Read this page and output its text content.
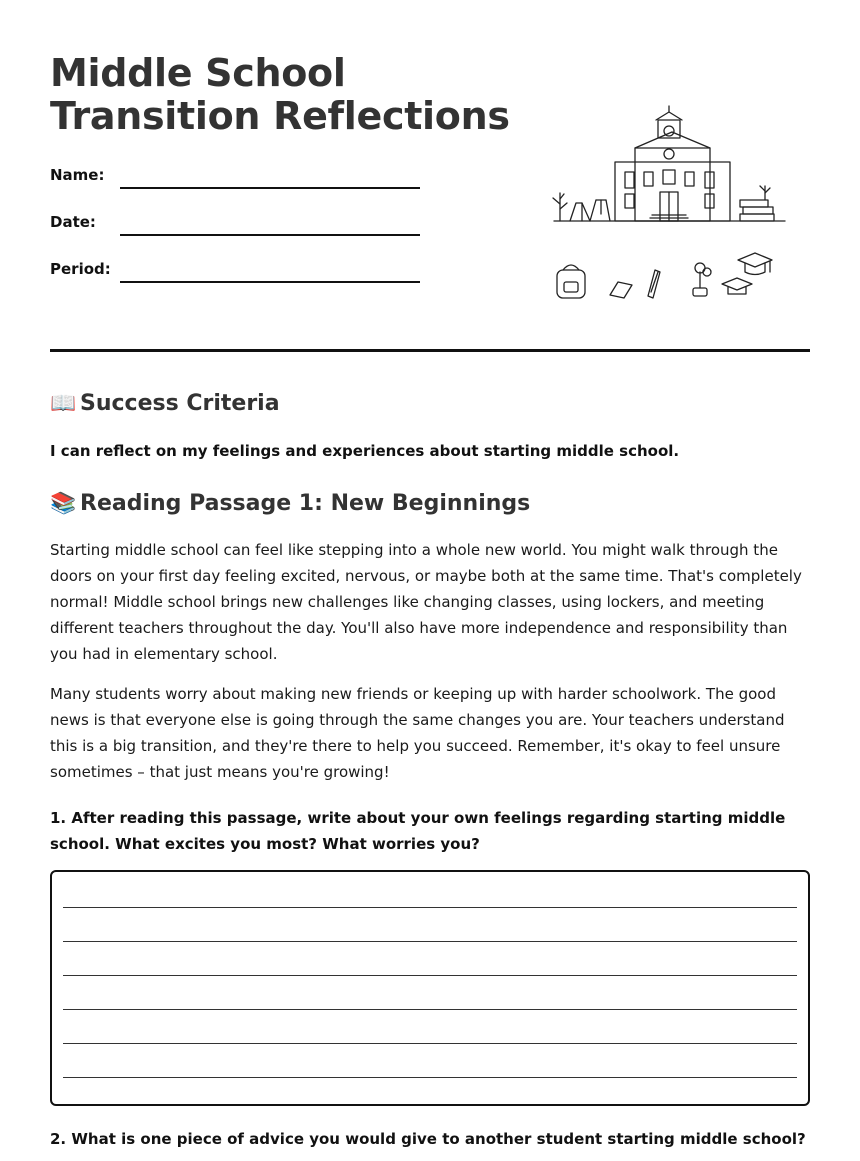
Middle School
Transition Reflections
Name:
Date:
Period:
📖 Success Criteria
I can reflect on my feelings and experiences about starting middle school.
📚 Reading Passage 1: New Beginnings
Starting middle school can feel like stepping into a whole new world. You might walk through the doors on your first day feeling excited, nervous, or maybe both at the same time. That's completely normal! Middle school brings new challenges like changing classes, using lockers, and meeting different teachers throughout the day. You'll also have more independence and responsibility than you had in elementary school.
Many students worry about making new friends or keeping up with harder schoolwork. The good news is that everyone else is going through the same changes you are. Your teachers understand this is a big transition, and they're there to help you succeed. Remember, it's okay to feel unsure sometimes – that just means you're growing!
1. After reading this passage, write about your own feelings regarding starting middle school. What excites you most? What worries you?
2. What is one piece of advice you would give to another student starting middle school?
